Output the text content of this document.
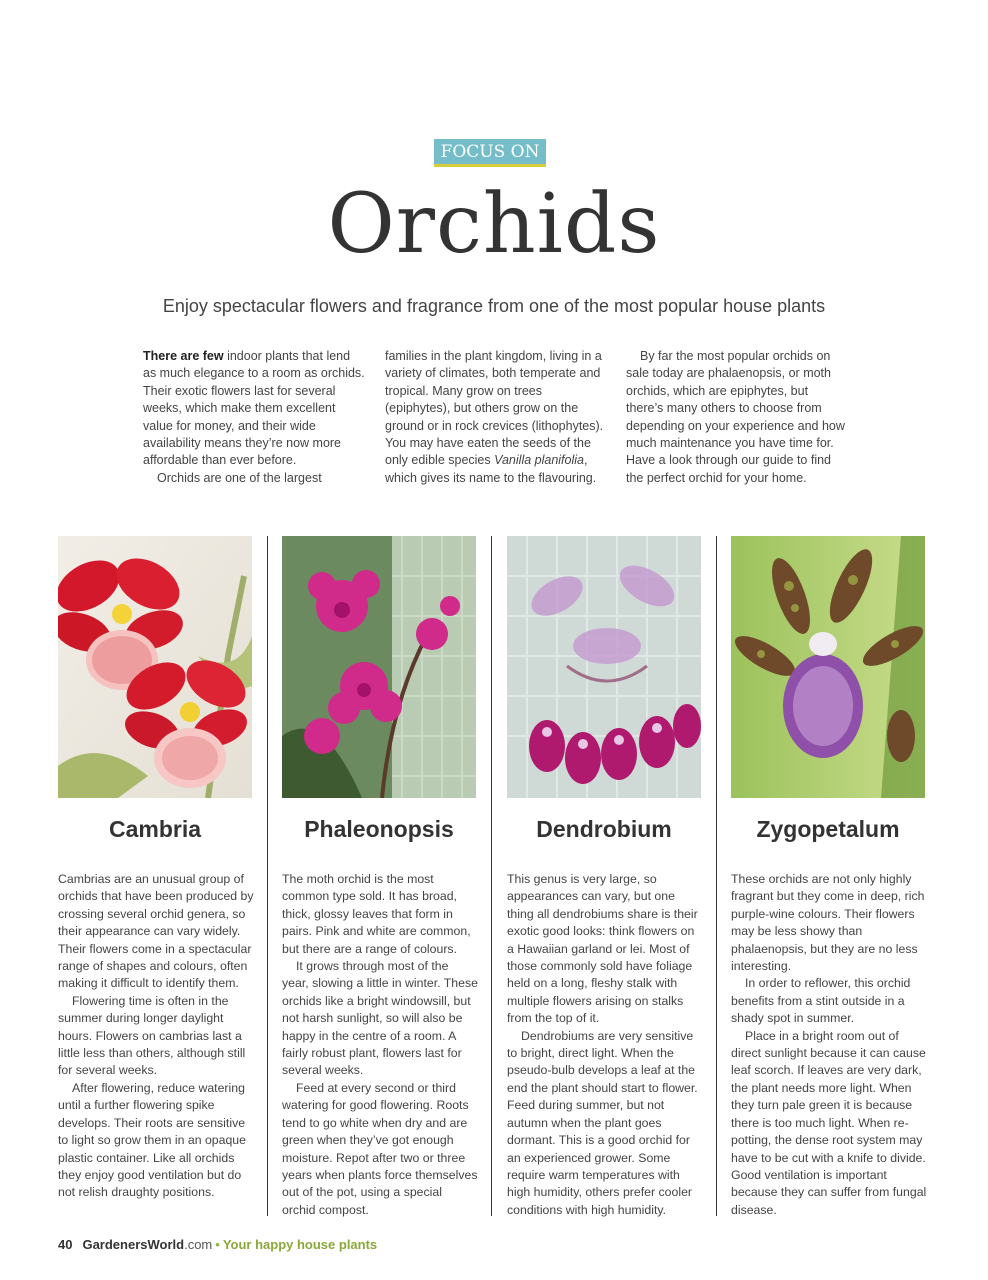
FOCUS ON
Orchids

Enjoy spectacular flowers and fragrance from one of the most popular house plants

There are few indoor plants that lend as much elegance to a room as orchids. Their exotic flowers last for several weeks, which make them excellent value for money, and their wide availability means they’re now more affordable than ever before.

Orchids are one of the largest

families in the plant kingdom, living in a variety of climates, both temperate and tropical. Many grow on trees (epiphytes), but others grow on the ground or in rock crevices (lithophytes). You may have eaten the seeds of the only edible species Vanilla planifolia, which gives its name to the flavouring.

By far the most popular orchids on sale today are phalaenopsis, or moth orchids, which are epiphytes, but there’s many others to choose from depending on your experience and how much maintenance you have time for. Have a look through our guide to find the perfect orchid for your home.

Cambria	Phaleonopsis	Dendrobium	Zygopetalum

Cambrias are an unusual group of orchids that have been produced by crossing several orchid genera, so their appearance can vary widely. Their flowers come in a spectacular range of shapes and colours, often making it difficult to identify them.

Flowering time is often in the summer during longer daylight hours. Flowers on cambrias last a little less than others, although still for several weeks.

After flowering, reduce watering until a further flowering spike develops. Their roots are sensitive to light so grow them in an opaque plastic container. Like all orchids they enjoy good ventilation but do not relish draughty positions.

The moth orchid is the most common type sold. It has broad, thick, glossy leaves that form in pairs. Pink and white are common, but there are a range of colours.

It grows through most of the year, slowing a little in winter. These orchids like a bright windowsill, but not harsh sunlight, so will also be happy in the centre of a room. A fairly robust plant, flowers last for several weeks.

Feed at every second or third watering for good flowering. Roots tend to go white when dry and are green when they’ve got enough moisture. Repot after two or three years when plants force themselves out of the pot, using a special orchid compost.

This genus is very large, so appearances can vary, but one thing all dendrobiums share is their exotic good looks: think flowers on a Hawaiian garland or lei. Most of those commonly sold have foliage held on a long, fleshy stalk with multiple flowers arising on stalks from the top of it.

Dendrobiums are very sensitive to bright, direct light. When the pseudo-bulb develops a leaf at the end the plant should start to flower. Feed during summer, but not autumn when the plant goes dormant. This is a good orchid for an experienced grower. Some require warm temperatures with high humidity, others prefer cooler conditions with high humidity.

These orchids are not only highly fragrant but they come in deep, rich purple-wine colours. Their flowers may be less showy than phalaenopsis, but they are no less interesting.

In order to reflower, this orchid benefits from a stint outside in a shady spot in summer.

Place in a bright room out of direct sunlight because it can cause leaf scorch. If leaves are very dark, the plant needs more light. When they turn pale green it is because there is too much light. When re-potting, the dense root system may have to be cut with a knife to divide. Good ventilation is important because they can suffer from fungal disease.

40 GardenersWorld.com • Your happy house plants
